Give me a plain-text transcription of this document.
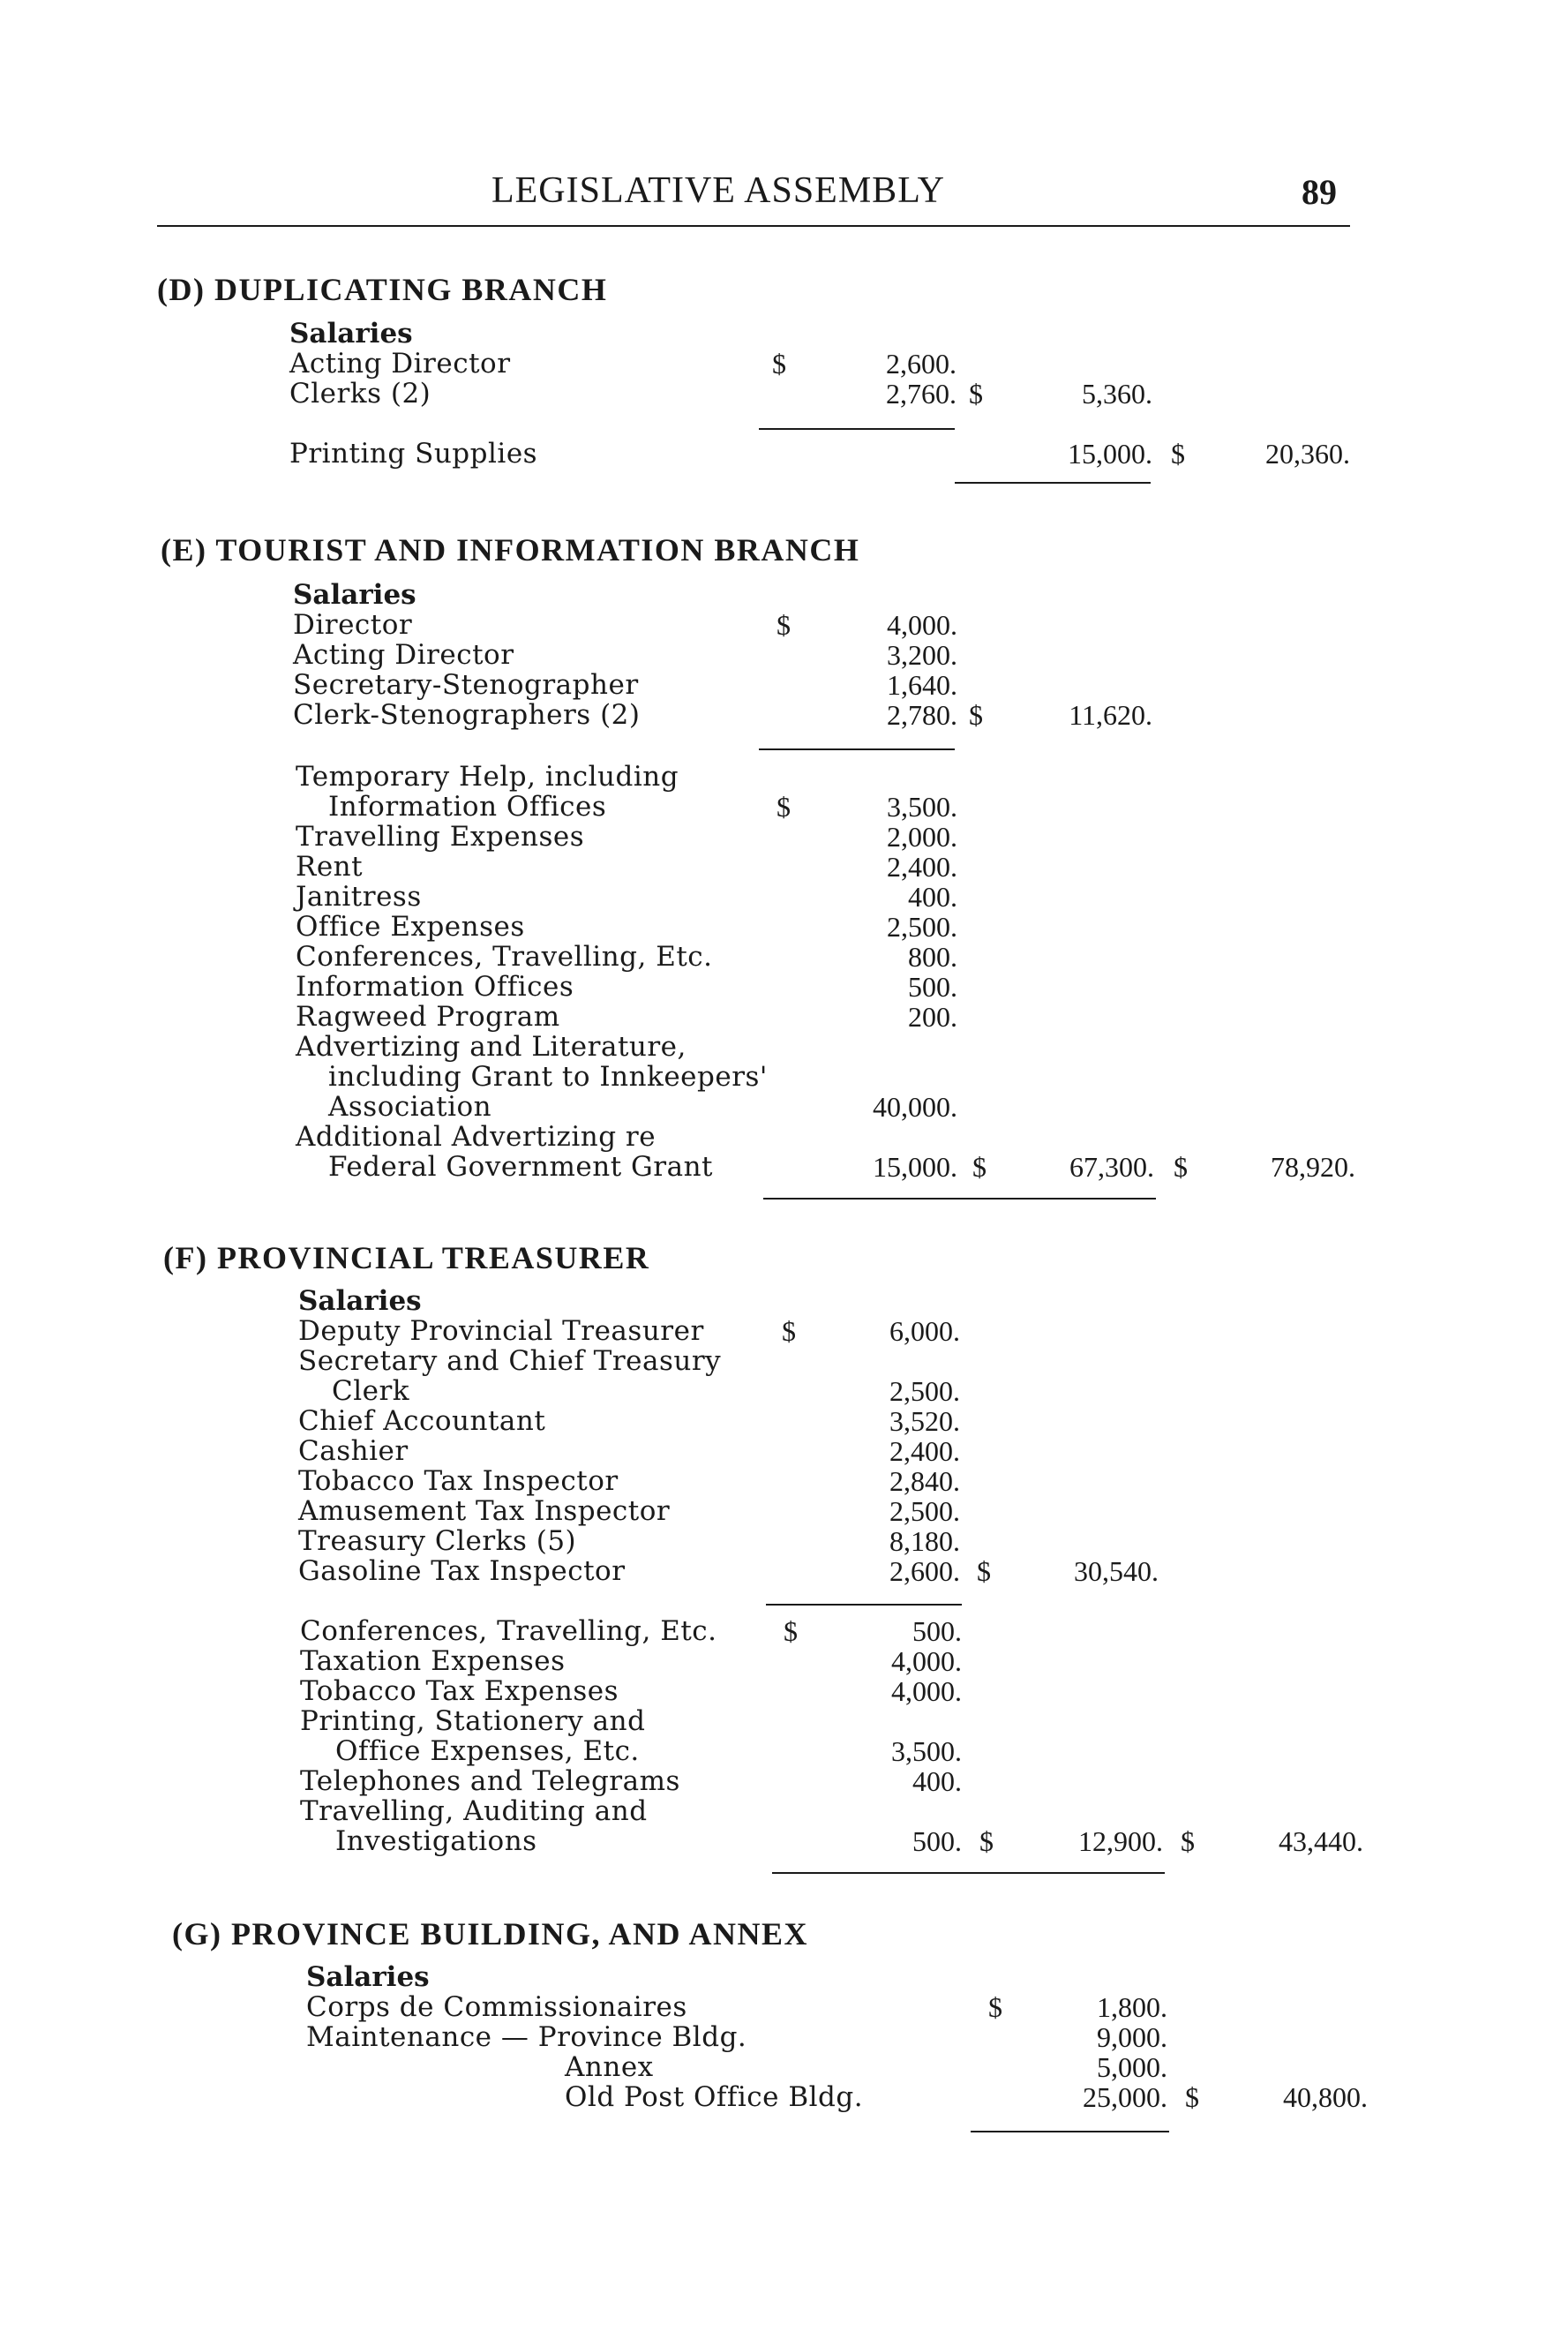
LEGISLATIVE ASSEMBLY	89
(D) DUPLICATING BRANCH
Salaries
Acting Director	$	2,600.
Clerks (2)	2,760. $	5,360.
Printing Supplies	15,000. $	20,360.
(E) TOURIST AND INFORMATION BRANCH
Salaries
Director	$	4,000.
Acting Director	3,200.
Secretary-Stenographer	1,640.
Clerk-Stenographers (2)	2,780. $	11,620.
Temporary Help, including
Information Offices	$	3,500.
Travelling Expenses	2,000.
Rent	2,400.
Janitress	400.
Office Expenses	2,500.
Conferences, Travelling, Etc.	800.
Information Offices	500.
Ragweed Program	200.
Advertizing and Literature,
including Grant to Innkeepers'
Association	40,000.
Additional Advertizing re
Federal Government Grant	15,000. $	67,300. $	78,920.
(F) PROVINCIAL TREASURER
Salaries
Deputy Provincial Treasurer	$	6,000.
Secretary and Chief Treasury
Clerk	2,500.
Chief Accountant	3,520.
Cashier	2,400.
Tobacco Tax Inspector	2,840.
Amusement Tax Inspector	2,500.
Treasury Clerks (5)	8,180.
Gasoline Tax Inspector	2,600. $	30,540.
Conferences, Travelling, Etc. $	500.
Taxation Expenses	4,000.
Tobacco Tax Expenses	4,000.
Printing, Stationery and
Office Expenses, Etc.	3,500.
Telephones and Telegrams	400.
Travelling, Auditing and
Investigations	500. $	12,900. $	43,440.
(G) PROVINCE BUILDING, AND ANNEX
Salaries
Corps de Commissionaires	$	1,800.
Maintenance — Province Bldg.	9,000.
Annex	5,000.
Old Post Office Bldg.	25,000. $	40,800.
